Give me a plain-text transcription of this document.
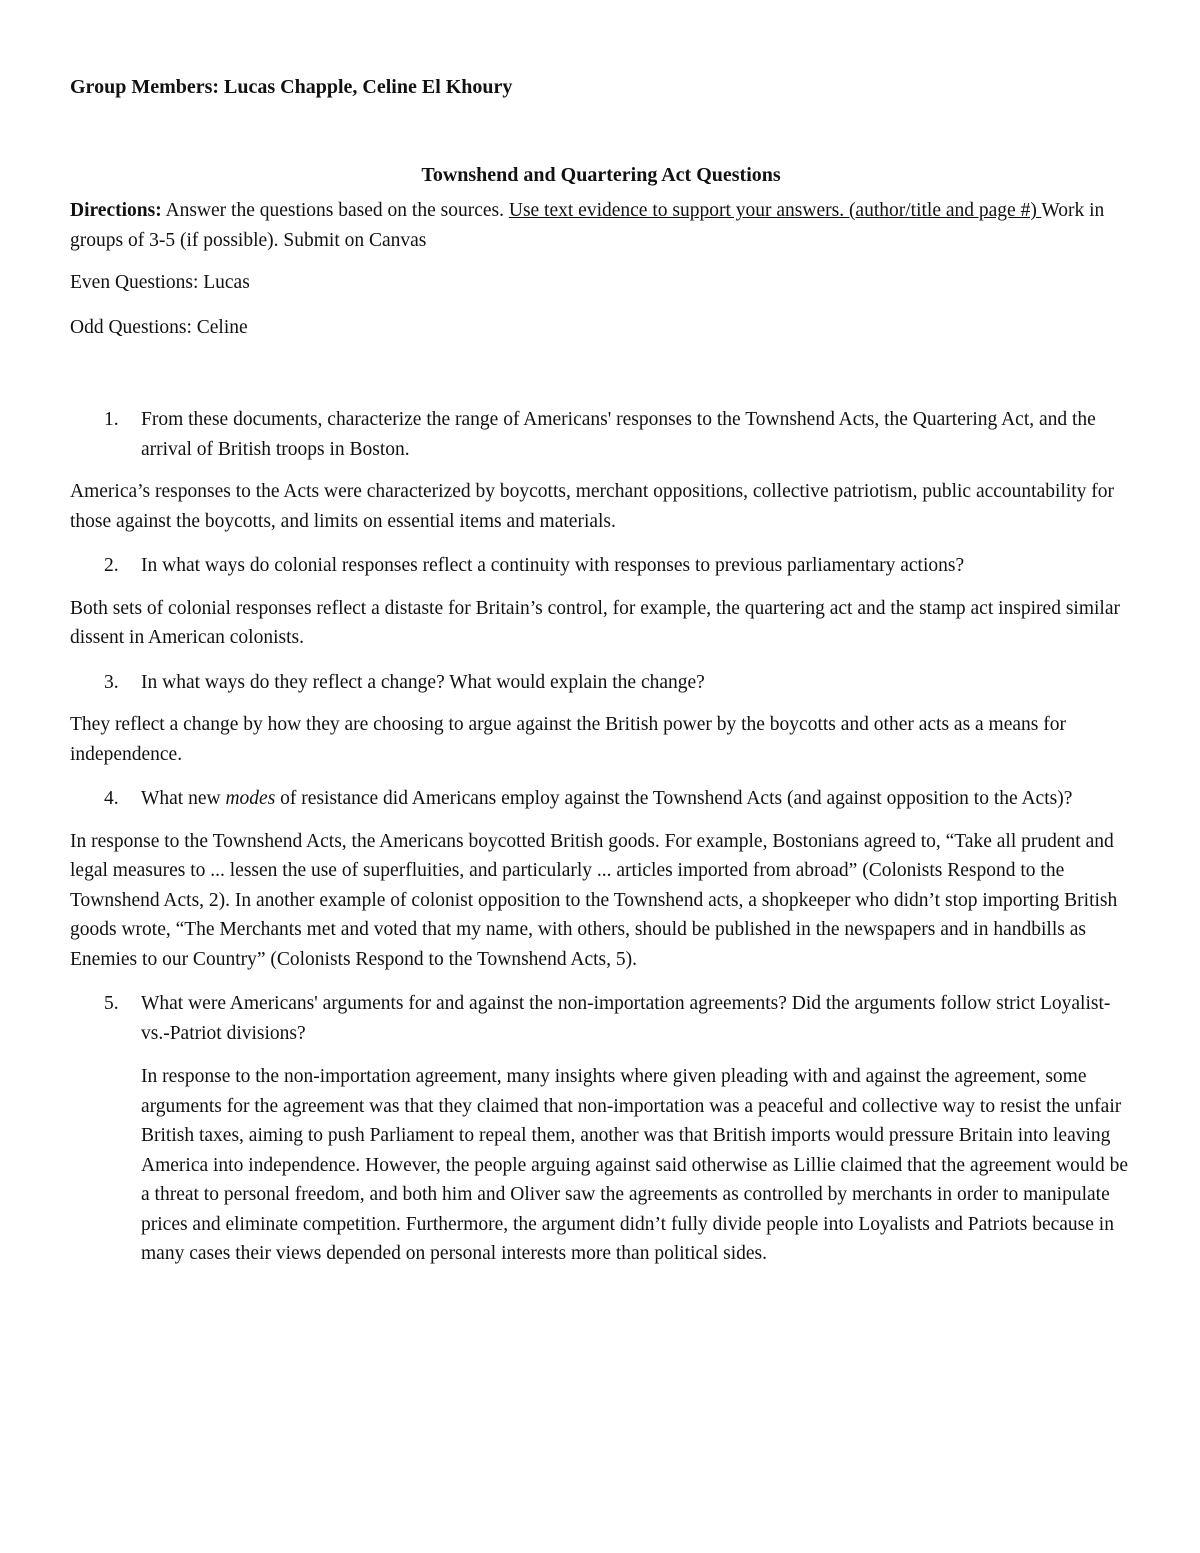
Group Members: Lucas Chapple, Celine El Khoury

Townshend and Quartering Act Questions

Directions: Answer the questions based on the sources. Use text evidence to support your answers. (author/title and page #) Work in groups of 3-5 (if possible). Submit on Canvas

Even Questions: Lucas

Odd Questions: Celine

1. From these documents, characterize the range of Americans' responses to the Townshend Acts, the Quartering Act, and the arrival of British troops in Boston.

America’s responses to the Acts were characterized by boycotts, merchant oppositions, collective patriotism, public accountability for those against the boycotts, and limits on essential items and materials.

2. In what ways do colonial responses reflect a continuity with responses to previous parliamentary actions?

Both sets of colonial responses reflect a distaste for Britain’s control, for example, the quartering act and the stamp act inspired similar dissent in American colonists.

3. In what ways do they reflect a change? What would explain the change?

They reflect a change by how they are choosing to argue against the British power by the boycotts and other acts as a means for independence.

4. What new modes of resistance did Americans employ against the Townshend Acts (and against opposition to the Acts)?

In response to the Townshend Acts, the Americans boycotted British goods. For example, Bostonians agreed to, “Take all prudent and legal measures to ... lessen the use of superfluities, and particularly ... articles imported from abroad” (Colonists Respond to the Townshend Acts, 2). In another example of colonist opposition to the Townshend acts, a shopkeeper who didn’t stop importing British goods wrote, “The Merchants met and voted that my name, with others, should be published in the newspapers and in handbills as Enemies to our Country” (Colonists Respond to the Townshend Acts, 5).

5. What were Americans' arguments for and against the non-importation agreements? Did the arguments follow strict Loyalist-vs.-Patriot divisions?

In response to the non-importation agreement, many insights where given pleading with and against the agreement, some arguments for the agreement was that they claimed that non-importation was a peaceful and collective way to resist the unfair British taxes, aiming to push Parliament to repeal them, another was that British imports would pressure Britain into leaving America into independence. However, the people arguing against said otherwise as Lillie claimed that the agreement would be a threat to personal freedom, and both him and Oliver saw the agreements as controlled by merchants in order to manipulate prices and eliminate competition. Furthermore, the argument didn’t fully divide people into Loyalists and Patriots because in many cases their views depended on personal interests more than political sides.
